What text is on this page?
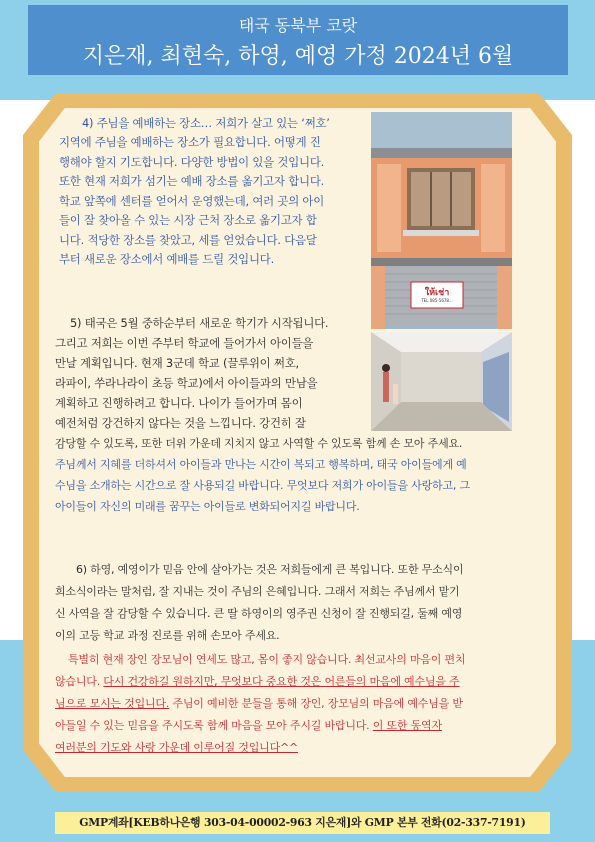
태국 동북부 코랏
지은재, 최현숙, 하영, 예영 가정 2024년 6월
ให้เช่า
TEL 085-5678...
4) 주님을 예배하는 장소… 저희가 살고 있는 ‘쩌호’
지역에 주님을 예배하는 장소가 필요합니다. 어떻게 진
행해야 할지 기도합니다. 다양한 방법이 있을 것입니다.
또한 현재 저희가 섬기는 예배 장소를 옮기고자 합니다.
학교 앞쪽에 센터를 얻어서 운영했는데, 여러 곳의 아이
들이 잘 찾아올 수 있는 시장 근처 장소로 옮기고자 합
니다. 적당한 장소를 찾았고, 세를 얻었습니다. 다음달
부터 새로운 장소에서 예배를 드릴 것입니다.
5) 태국은 5월 중하순부터 새로운 학기가 시작됩니다.
그리고 저희는 이번 주부터 학교에 들어가서 아이들을
만날 계획입니다. 현재 3군데 학교 (끌루위이 쩌호,
라파이, 쑤라나라이 초등 학교)에서 아이들과의 만남을
계획하고 진행하려고 합니다. 나이가 들어가며 몸이
예전처럼 강건하지 않다는 것을 느낍니다. 강건히 잘
감당할 수 있도록, 또한 더위 가운데 지치지 않고 사역할 수 있도록 함께 손 모아 주세요.
주님께서 지혜를 더하셔서 아이들과 만나는 시간이 복되고 행복하며, 태국 아이들에게 예
수님을 소개하는 시간으로 잘 사용되길 바랍니다. 무엇보다 저희가 아이들을 사랑하고, 그
아이들이 자신의 미래를 꿈꾸는 아이들로 변화되어지길 바랍니다.
6) 하영, 예영이가 믿음 안에 살아가는 것은 저희들에게 큰 복입니다. 또한 무소식이
희소식이라는 말처럼, 잘 지내는 것이 주님의 은혜입니다. 그래서 저희는 주님께서 맡기
신 사역을 잘 감당할 수 있습니다. 큰 딸 하영이의 영주권 신청이 잘 진행되길, 둘째 예영
이의 고등 학교 과정 진로를 위해 손모아 주세요.
특별히 현재 장인 장모님이 연세도 많고, 몸이 좋지 않습니다. 최선교사의 마음이 편치
않습니다. 다시 건강하길 원하지만, 무엇보다 중요한 것은 어른들의 마음에 예수님을 주
님으로 모시는 것입니다. 주님이 예비한 분들을 통해 장인, 장모님의 마음에 예수님을 받
아들일 수 있는 믿음을 주시도록 함께 마음을 모아 주시길 바랍니다. 이 또한 동역자
여러분의 기도와 사랑 가운데 이루어질 것입니다^^
GMP계좌[KEB하나은행 303-04-00002-963 지은재]와 GMP 본부 전화(02-337-7191)
